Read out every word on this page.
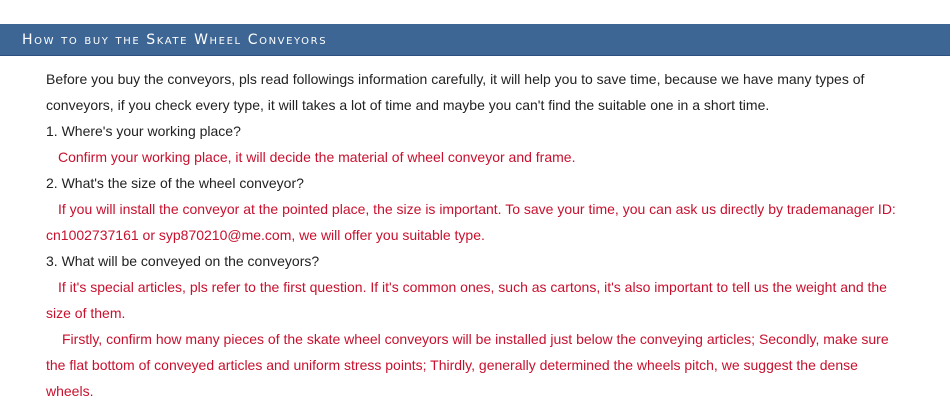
How to buy the Skate Wheel Conveyors

Before you buy the conveyors, pls read followings information carefully, it will help you to save time, because we have many types of

conveyors, if you check every type, it will takes a lot of time and maybe you can't find the suitable one in a short time.

1. Where's your working place?

Confirm your working place, it will decide the material of wheel conveyor and frame.

2. What's the size of the wheel conveyor?

If you will install the conveyor at the pointed place, the size is important. To save your time, you can ask us directly by trademanager ID:

cn1002737161 or syp870210@me.com, we will offer you suitable type.

3. What will be conveyed on the conveyors?

If it's special articles, pls refer to the first question. If it's common ones, such as cartons, it's also important to tell us the weight and the

size of them.

Firstly, confirm how many pieces of the skate wheel conveyors will be installed just below the conveying articles; Secondly, make sure

the flat bottom of conveyed articles and uniform stress points; Thirdly, generally determined the wheels pitch, we suggest the dense

wheels.
